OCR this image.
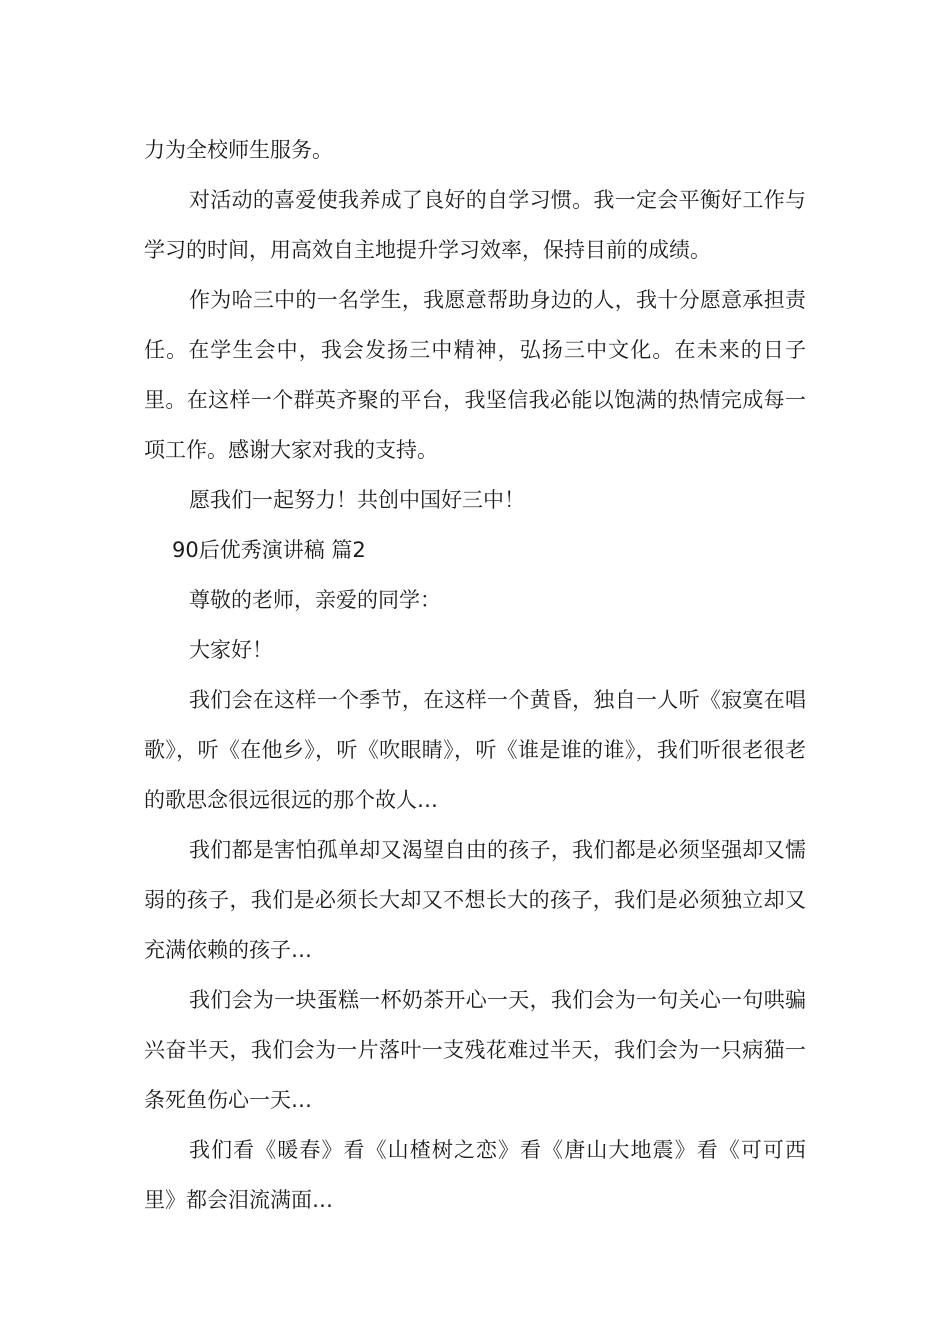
力为全校师生服务。

对活动的喜爱使我养成了良好的自学习惯。我一定会平衡好工作与学习的时间，用高效自主地提升学习效率，保持目前的成绩。

作为哈三中的一名学生，我愿意帮助身边的人，我十分愿意承担责任。在学生会中，我会发扬三中精神，弘扬三中文化。在未来的日子里。在这样一个群英齐聚的平台，我坚信我必能以饱满的热情完成每一项工作。感谢大家对我的支持。

愿我们一起努力！共创中国好三中！

90后优秀演讲稿 篇2

尊敬的老师，亲爱的同学：

大家好！

我们会在这样一个季节，在这样一个黄昏，独自一人听《寂寞在唱歌》，听《在他乡》，听《吹眼睛》，听《谁是谁的谁》，我们听很老很老的歌思念很远很远的那个故人…

我们都是害怕孤单却又渴望自由的孩子，我们都是必须坚强却又懦弱的孩子，我们是必须长大却又不想长大的孩子，我们是必须独立却又充满依赖的孩子…

我们会为一块蛋糕一杯奶茶开心一天，我们会为一句关心一句哄骗兴奋半天，我们会为一片落叶一支残花难过半天，我们会为一只病猫一条死鱼伤心一天…

我们看《暖春》看《山楂树之恋》看《唐山大地震》看《可可西里》都会泪流满面…
